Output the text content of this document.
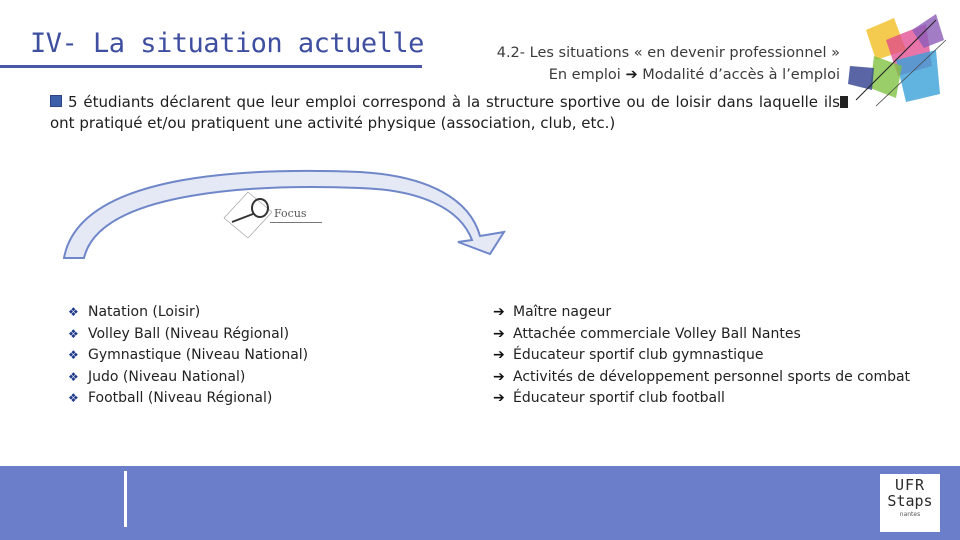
IV- La situation actuelle	4.2- Les situations « en devenir professionnel »
En emploi ➔ Modalité d’accès à l’emploi
5 étudiants déclarent que leur emploi correspond à la structure sportive ou de loisir dans laquelle ils ont pratiqué et/ou pratiquent une activité physique (association, club, etc.)
Focus
❖ Natation (Loisir)
❖ Volley Ball (Niveau Régional)
❖ Gymnastique (Niveau National)
❖ Judo (Niveau National)
❖ Football (Niveau Régional)
➔ Maître nageur
➔ Attachée commerciale Volley Ball Nantes
➔ Éducateur sportif club gymnastique
➔ Activités de développement personnel sports de combat
➔ Éducateur sportif club football
UFR
Staps
nantes
